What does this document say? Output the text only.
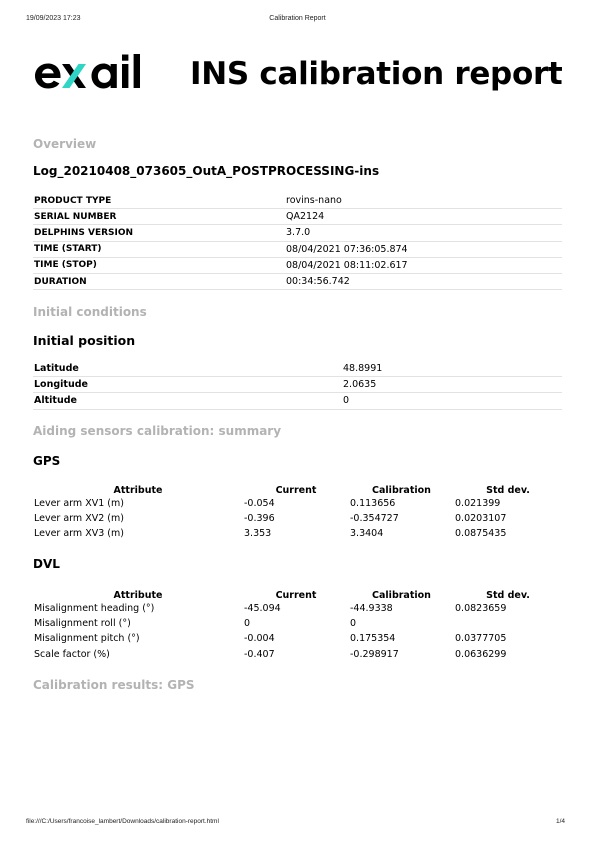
19/09/2023 17:23	Calibration Report
INS calibration report
Overview
Log_20210408_073605_OutA_POSTPROCESSING-ins
PRODUCT TYPE	rovins-nano
SERIAL NUMBER	QA2124
DELPHINS VERSION	3.7.0
TIME (START)	08/04/2021 07:36:05.874
TIME (STOP)	08/04/2021 08:11:02.617
DURATION	00:34:56.742
Initial conditions
Initial position
Latitude	48.8991
Longitude	2.0635
Altitude	0
Aiding sensors calibration: summary
GPS
Attribute	Current	Calibration	Std dev.
Lever arm XV1 (m)	-0.054	0.113656	0.021399
Lever arm XV2 (m)	-0.396	-0.354727	0.0203107
Lever arm XV3 (m)	3.353	3.3404	0.0875435
DVL
Attribute	Current	Calibration	Std dev.
Misalignment heading (°)	-45.094	-44.9338	0.0823659
Misalignment roll (°)	0	0	
Misalignment pitch (°)	-0.004	0.175354	0.0377705
Scale factor (%)	-0.407	-0.298917	0.0636299
Calibration results: GPS
file:///C:/Users/francoise_lambert/Downloads/calibration-report.html	1/4
